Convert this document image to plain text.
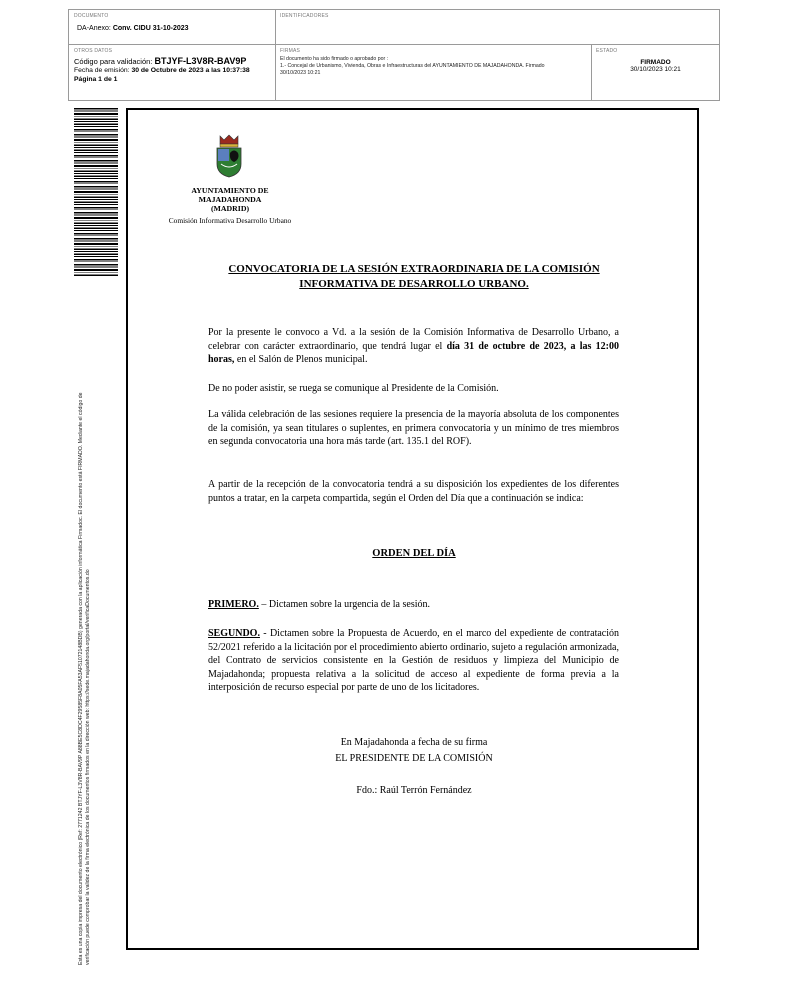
DOCUMENTO
DA-Anexo: Conv. CIDU 31-10-2023
IDENTIFICADORES
OTROS DATOS
Código para validación: BTJYF-L3V8R-BAV9P
Fecha de emisión: 30 de Octubre de 2023 a las 10:37:38
Página 1 de 1
FIRMAS
El documento ha sido firmado o aprobado por :
1.- Concejal de Urbanismo, Vivienda, Obras e Infraestructuras del AYUNTAMIENTO DE MAJADAHONDA. Firmado
30/10/2023 10:21
ESTADO
FIRMADO
30/10/2023 10:21
Esta es una copia impresa del documento electrónico (Ref: 2771242 BTJYF-L3V8R-BAV9P A88BE5C8DC4F29585F8A05FA53AF51072148BDB) generada con la aplicación informática Firmadoc. El documento está FIRMADO. Mediante el código de verificación puede comprobar la validez de la firma electrónica de los documentos firmados en la dirección web: https://sede.majadahonda.org/portal/verificaDocumentos.do
AYUNTAMIENTO DE
MAJADAHONDA
(MADRID)
Comisión Informativa Desarrollo Urbano
CONVOCATORIA DE LA SESIÓN EXTRAORDINARIA DE LA COMISIÓN
INFORMATIVA DE DESARROLLO URBANO.
Por la presente le convoco a Vd. a la sesión de la Comisión Informativa de Desarrollo Urbano, a celebrar con carácter extraordinario, que tendrá lugar el día 31 de octubre de 2023, a las 12:00 horas, en el Salón de Plenos municipal.
De no poder asistir, se ruega se comunique al Presidente de la Comisión.
La válida celebración de las sesiones requiere la presencia de la mayoría absoluta de los componentes de la comisión, ya sean titulares o suplentes, en primera convocatoria y un mínimo de tres miembros en segunda convocatoria una hora más tarde (art. 135.1 del ROF).
A partir de la recepción de la convocatoria tendrá a su disposición los expedientes de los diferentes puntos a tratar, en la carpeta compartida, según el Orden del Día que a continuación se indica:
ORDEN DEL DÍA
PRIMERO. – Dictamen sobre la urgencia de la sesión.
SEGUNDO. - Dictamen sobre la Propuesta de Acuerdo, en el marco del expediente de contratación 52/2021 referido a la licitación por el procedimiento abierto ordinario, sujeto a regulación armonizada, del Contrato de servicios consistente en la Gestión de residuos y limpieza del Municipio de Majadahonda; propuesta relativa a la solicitud de acceso al expediente de forma previa a la interposición de recurso especial por parte de uno de los licitadores.
En Majadahonda a fecha de su firma
EL PRESIDENTE DE LA COMISIÓN
Fdo.: Raúl Terrón Fernández
